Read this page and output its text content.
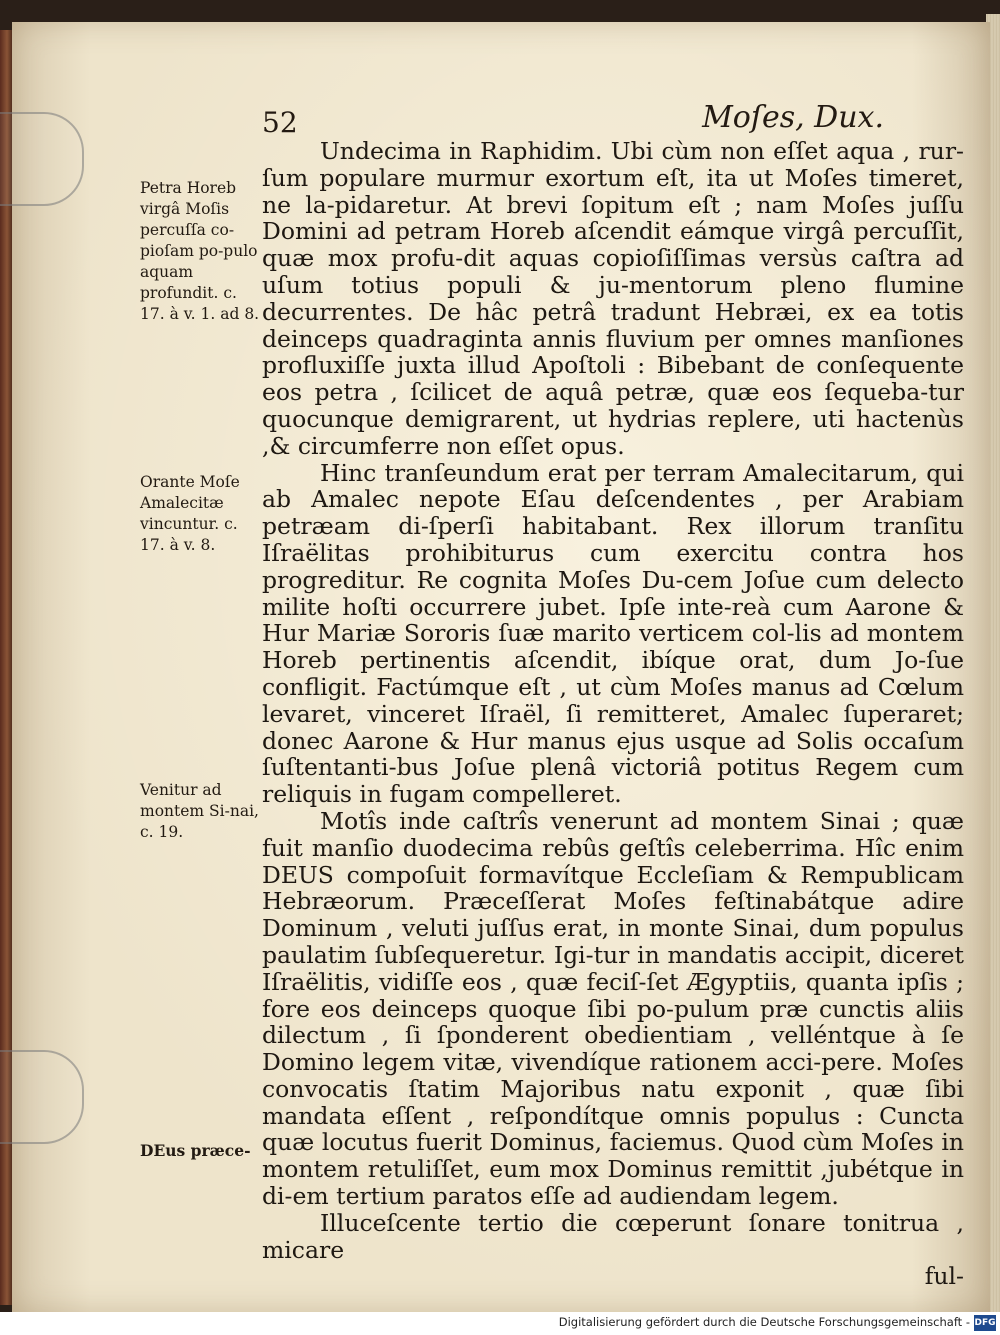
52	Moſes, Dux.
Petra Horeb virgâ Moſis percuſſa co-pioſam po-pulo aquam profundit. c. 17. à v. 1. ad 8.
Orante Moſe Amalecitæ vincuntur. c. 17. à v. 8.
Venitur ad montem Si-nai, c. 19.
DEus præce-

Undecima in Raphidim. Ubi cùm non eſſet aqua , rur-ſum populare murmur exortum eſt, ita ut Moſes timeret, ne la-pidaretur. At brevi ſopitum eſt ; nam Moſes juſſu Domini ad petram Horeb aſcendit eámque virgâ percuſſit, quæ mox profu-dit aquas copioſiſſimas versùs caſtra ad uſum totius populi & ju-mentorum pleno flumine decurrentes. De hâc petrâ tradunt Hebræi, ex ea totis deinceps quadraginta annis fluvium per omnes manſiones profluxiſſe juxta illud Apoſtoli : Bibebant de conſequente eos petra , ſcilicet de aquâ petræ, quæ eos ſequeba-tur quocunque demigrarent, ut hydrias replere, uti hactenùs ,& circumferre non eſſet opus.

Hinc tranſeundum erat per terram Amalecitarum, qui ab Amalec nepote Eſau deſcendentes , per Arabiam petræam di-ſperſi habitabant. Rex illorum tranſitu Iſraëlitas prohibiturus cum exercitu contra hos progreditur. Re cognita Moſes Du-cem Joſue cum delecto milite hoſti occurrere jubet. Ipſe inte-reà cum Aarone & Hur Mariæ Sororis ſuæ marito verticem col-lis ad montem Horeb pertinentis aſcendit, ibíque orat, dum Jo-ſue confligit. Factúmque eſt , ut cùm Moſes manus ad Cœlum levaret, vinceret Iſraël, ſi remitteret, Amalec ſuperaret; donec Aarone & Hur manus ejus usque ad Solis occaſum ſuſtentanti-bus Joſue plenâ victoriâ potitus Regem cum reliquis in fugam compelleret.

Motîs inde caſtrîs venerunt ad montem Sinai ; quæ fuit manſio duodecima rebûs geſtîs celeberrima. Hîc enim DEUS compoſuit formavítque Eccleſiam & Rempublicam Hebræorum. Præceſſerat Moſes feſtinabátque adire Dominum , veluti juſſus erat, in monte Sinai, dum populus paulatim ſubſequeretur. Igi-tur in mandatis accipit, diceret Iſraëlitis, vidiſſe eos , quæ feciſ-ſet Ægyptiis, quanta ipſis ; fore eos deinceps quoque ſibi po-pulum præ cunctis aliis dilectum , ſi ſponderent obedientiam , velléntque à ſe Domino legem vitæ, vivendíque rationem acci-pere. Moſes convocatis ſtatim Majoribus natu exponit , quæ ſibi mandata eſſent , reſpondítque omnis populus : Cuncta quæ locutus fuerit Dominus, faciemus. Quod cùm Moſes in montem retuliſſet, eum mox Dominus remittit ,jubétque in di-em tertium paratos eſſe ad audiendam legem.

Illuceſcente tertio die cœperunt ſonare tonitrua , micare

ful-
Digitalisierung gefördert durch die Deutsche Forschungsgemeinschaft - DFG
